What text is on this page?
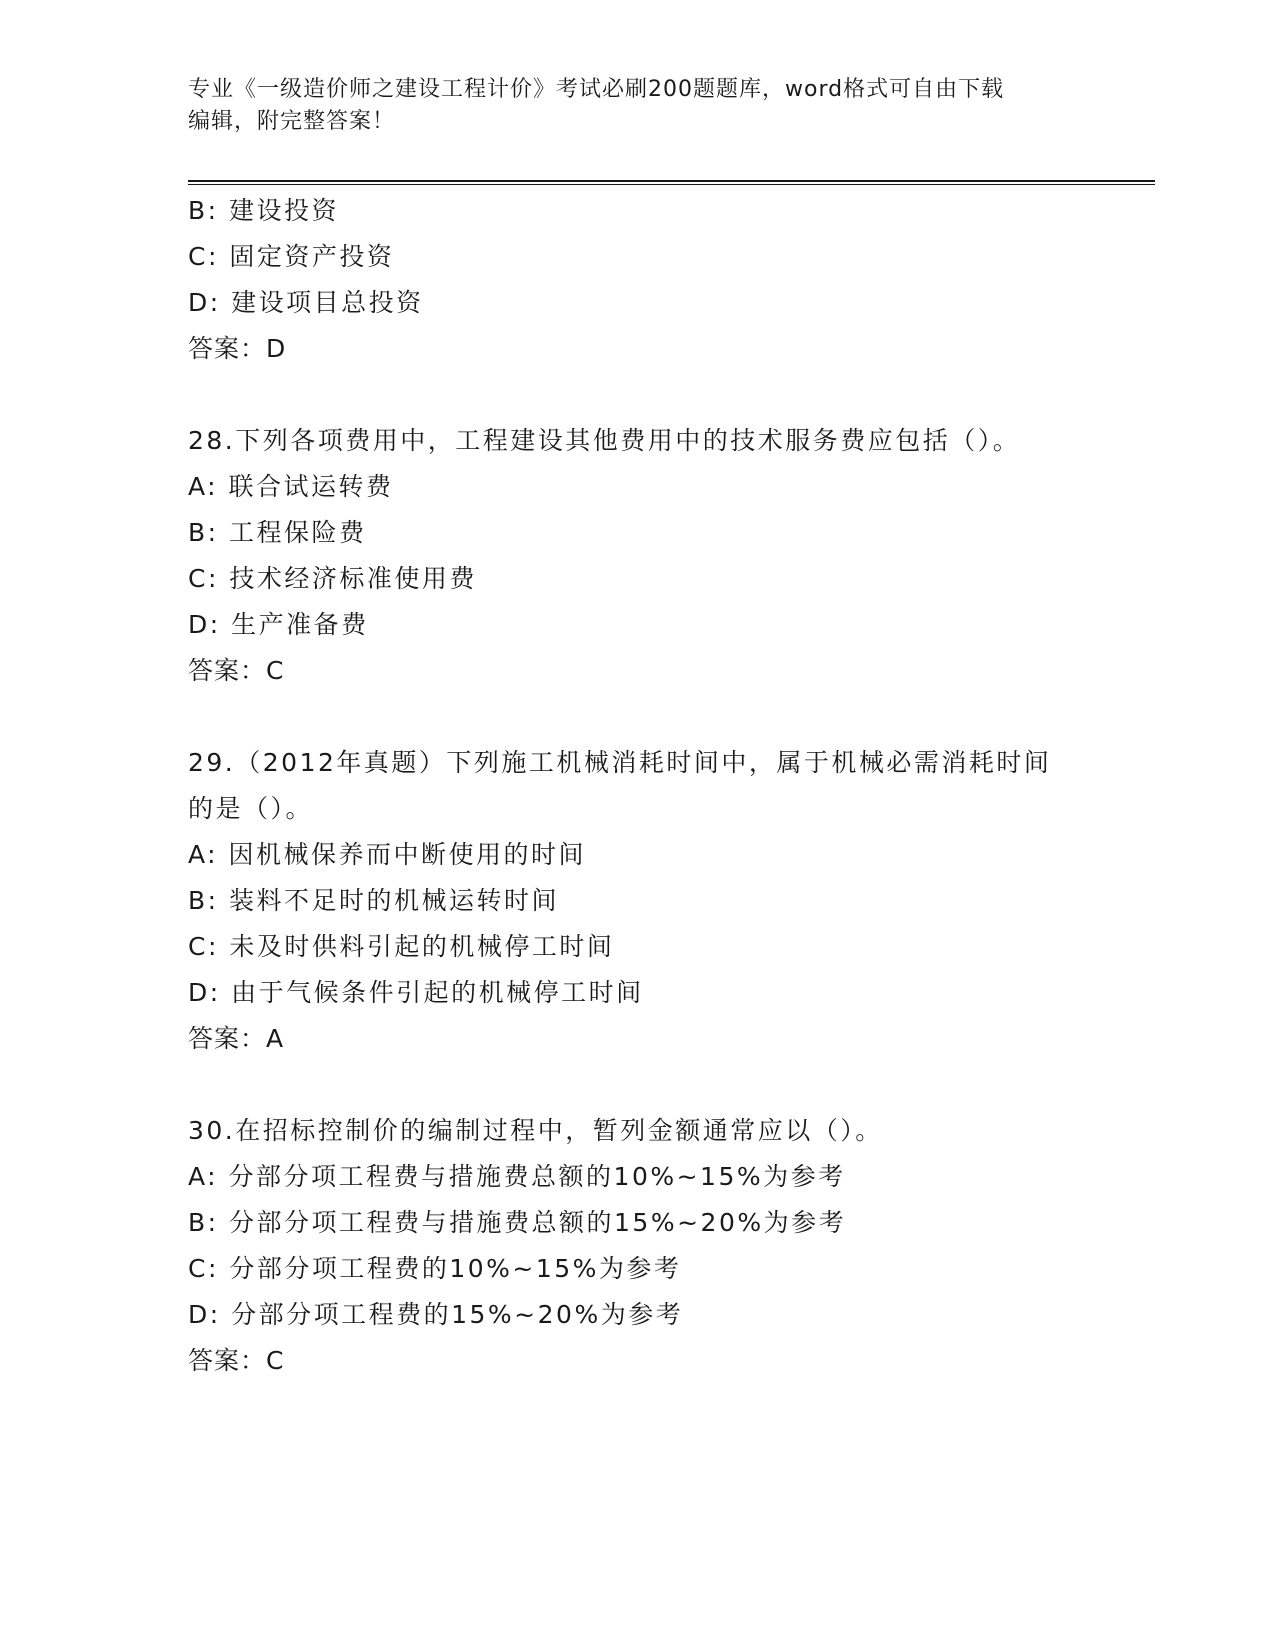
专业《一级造价师之建设工程计价》考试必刷200题题库，word格式可自由下载
编辑，附完整答案！
B: 建设投资
C: 固定资产投资
D: 建设项目总投资
答案：D
28.下列各项费用中，工程建设其他费用中的技术服务费应包括（）。
A: 联合试运转费
B: 工程保险费
C: 技术经济标准使用费
D: 生产准备费
答案：C
29.（2012年真题）下列施工机械消耗时间中，属于机械必需消耗时间
的是（）。
A: 因机械保养而中断使用的时间
B: 装料不足时的机械运转时间
C: 未及时供料引起的机械停工时间
D: 由于气候条件引起的机械停工时间
答案：A
30.在招标控制价的编制过程中，暂列金额通常应以（）。
A: 分部分项工程费与措施费总额的10%~15%为参考
B: 分部分项工程费与措施费总额的15%~20%为参考
C: 分部分项工程费的10%~15%为参考
D: 分部分项工程费的15%~20%为参考
答案：C
